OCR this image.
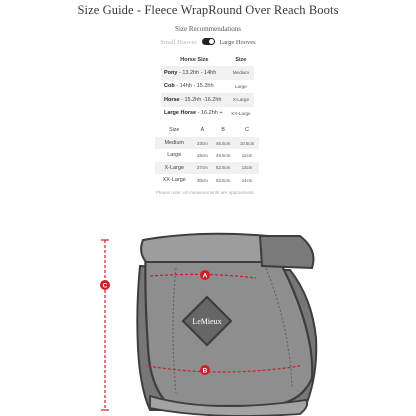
Size Guide - Fleece WrapRound Over Reach Boots
Size Recommendations
Small Hooves	Large Hooves
Horse Size	Size
Pony - 13.2hh - 14hh	Medium
Cob - 14hh - 15.2hh	Large
Horse - 15.2hh -16.2hh	X-Large
Large Horse - 16.2hh +	XX-Large
Size	A	B	C
Medium	23cm	46.5cm	10.5cm
Large	26cm	49.5cm	12cm
X-Large	27cm	52.5cm	13cm
XX-Large	30cm	53.5cm	14cm
Please note: All measurements are approximate.
LeMieux
A
B
C
